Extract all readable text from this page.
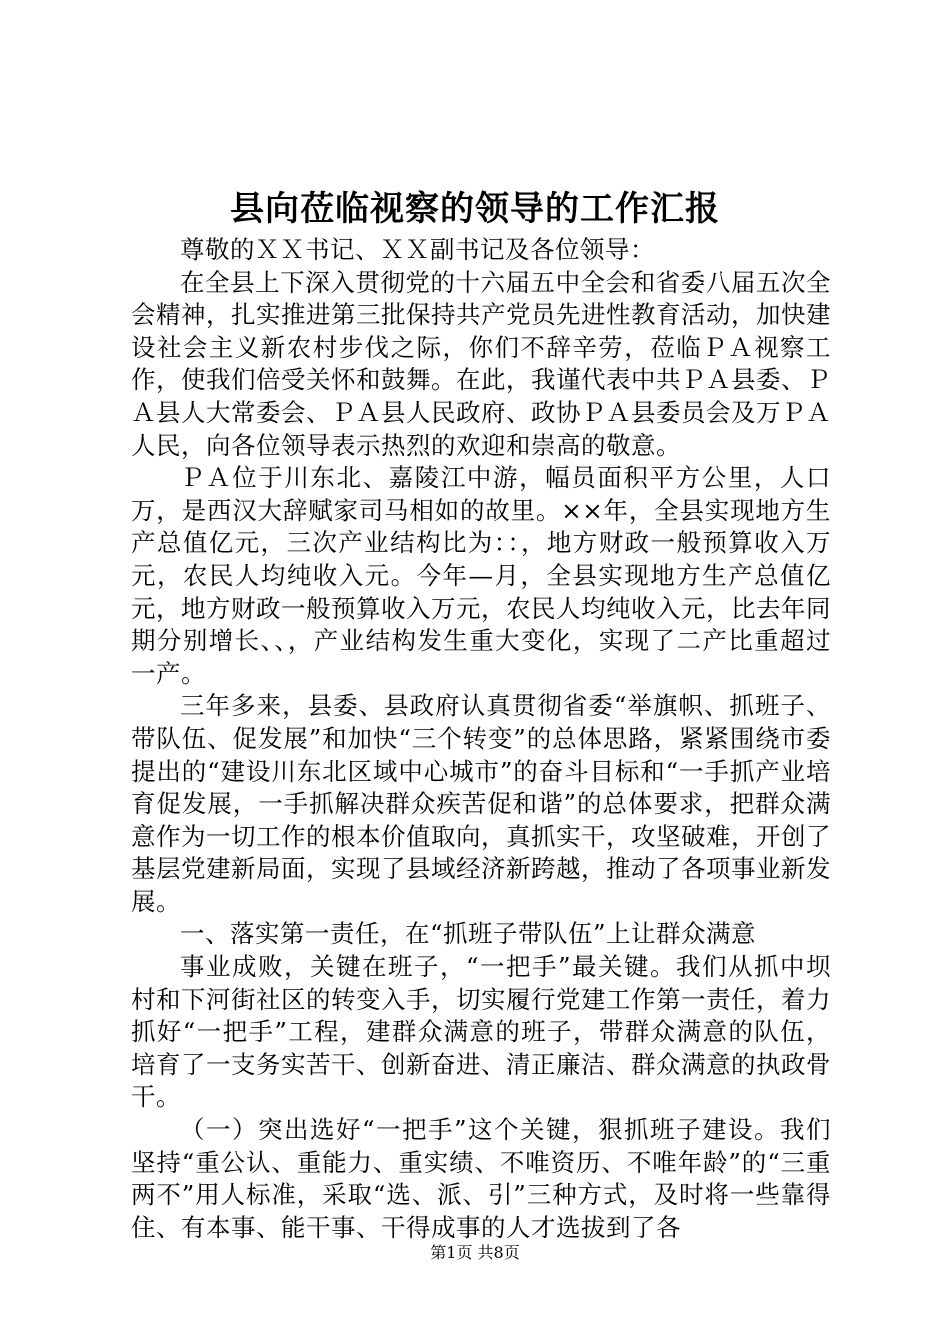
县向莅临视察的领导的工作汇报

尊敬的ＸＸ书记、ＸＸ副书记及各位领导：

在全县上下深入贯彻党的十六届五中全会和省委八届五次全会精神，扎实推进第三批保持共产党员先进性教育活动，加快建设社会主义新农村步伐之际，你们不辞辛劳，莅临ＰＡ视察工作，使我们倍受关怀和鼓舞。在此，我谨代表中共ＰＡ县委、ＰＡ县人大常委会、ＰＡ县人民政府、政协ＰＡ县委员会及万ＰＡ人民，向各位领导表示热烈的欢迎和崇高的敬意。

ＰＡ位于川东北、嘉陵江中游，幅员面积平方公里，人口万，是西汉大辞赋家司马相如的故里。××年，全县实现地方生产总值亿元，三次产业结构比为：：，地方财政一般预算收入万元，农民人均纯收入元。今年—月，全县实现地方生产总值亿元，地方财政一般预算收入万元，农民人均纯收入元，比去年同期分别增长、、，产业结构发生重大变化，实现了二产比重超过一产。

三年多来，县委、县政府认真贯彻省委“举旗帜、抓班子、带队伍、促发展”和加快“三个转变”的总体思路，紧紧围绕市委提出的“建设川东北区域中心城市”的奋斗目标和“一手抓产业培育促发展，一手抓解决群众疾苦促和谐”的总体要求，把群众满意作为一切工作的根本价值取向，真抓实干，攻坚破难，开创了基层党建新局面，实现了县域经济新跨越，推动了各项事业新发展。

一、落实第一责任，在“抓班子带队伍”上让群众满意

事业成败，关键在班子，“一把手”最关键。我们从抓中坝村和下河街社区的转变入手，切实履行党建工作第一责任，着力抓好“一把手”工程，建群众满意的班子，带群众满意的队伍，培育了一支务实苦干、创新奋进、清正廉洁、群众满意的执政骨干。

（一）突出选好“一把手”这个关键，狠抓班子建设。我们坚持“重公认、重能力、重实绩、不唯资历、不唯年龄”的“三重两不”用人标准，采取“选、派、引”三种方式，及时将一些靠得住、有本事、能干事、干得成事的人才选拔到了各

第1页 共8页
